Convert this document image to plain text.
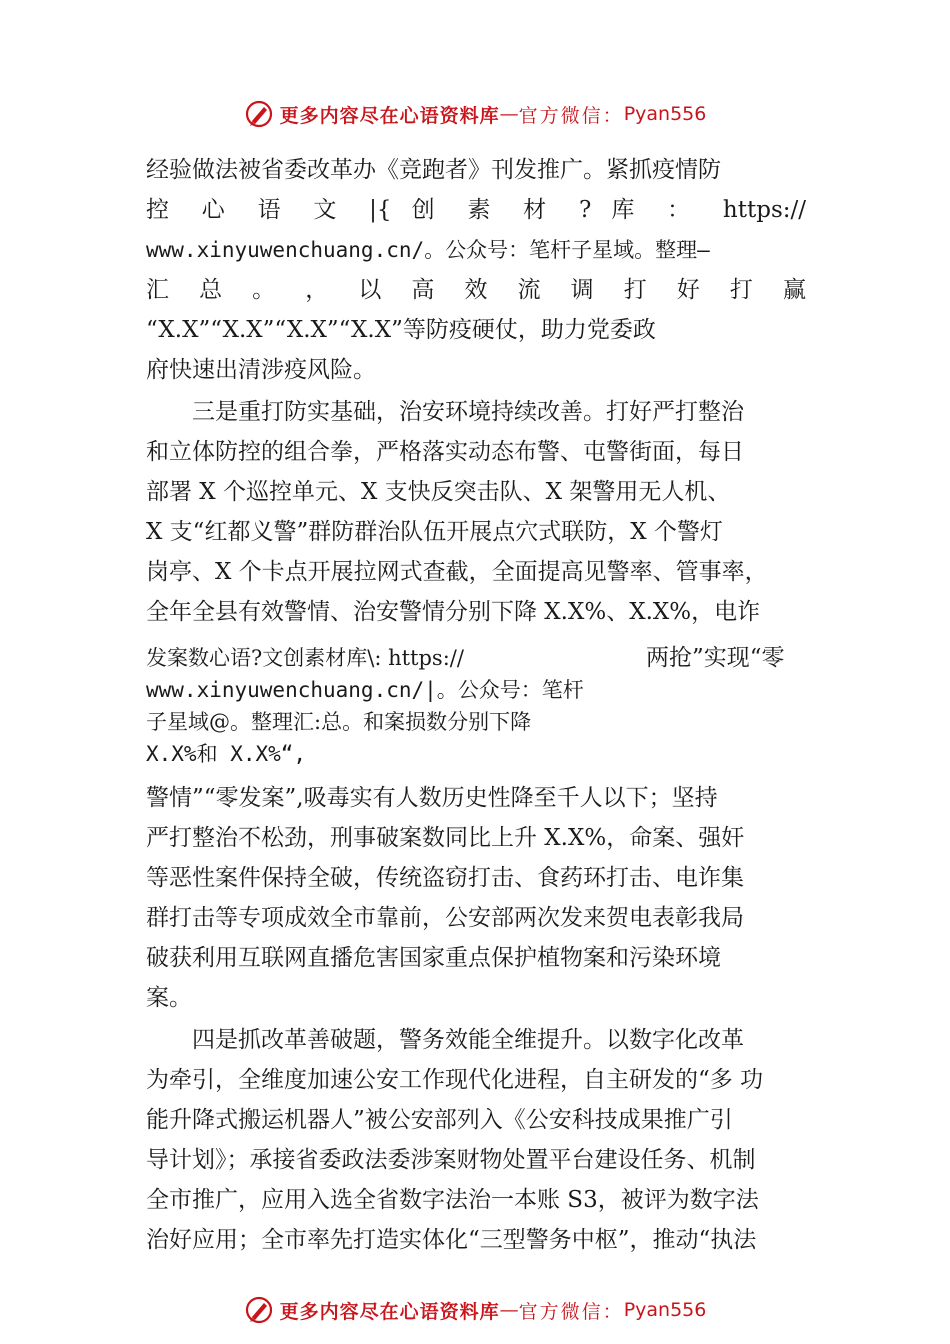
更多内容尽在心语资料库 — 官方微信： Pyan556
经验做法被省委改革办《竞跑者》刊发推广。紧抓疫情防
控 心 语 文 |{ 创 素 材 ? 库 ： https://
www.xinyuwenchuang.cn/。公众号：笔杆子星域。整理—
汇 总 。 ， 以 高 效 流 调 打 好 打 赢
“X.X”“X.X”“X.X”“X.X”等防疫硬仗，助力党委政
府快速出清涉疫风险。
三是重打防实基础，治安环境持续改善。打好严打整治
和立体防控的组合拳，严格落实动态布警、屯警街面，每日
部署 X 个巡控单元、X 支快反突击队、X 架警用无人机、
X 支“红都义警”群防群治队伍开展点穴式联防，X 个警灯
岗亭、X 个卡点开展拉网式查截，全面提高见警率、管事率，
全年全县有效警情、治安警情分别下降 X.X%、X.X%，电诈
发案数心语?文创素材库\: https://	两抢”实现“零
www.xinyuwenchuang.cn/|。公众号：笔杆
子星域@。整理汇:总。和案损数分别下降
X.X%和 X.X%“,
警情”“零发案”,吸毒实有人数历史性降至千人以下；坚持
严打整治不松劲，刑事破案数同比上升 X.X%，命案、强奸
等恶性案件保持全破，传统盗窃打击、食药环打击、电诈集
群打击等专项成效全市靠前，公安部两次发来贺电表彰我局
破获利用互联网直播危害国家重点保护植物案和污染环境
案。
四是抓改革善破题，警务效能全维提升。以数字化改革
为牵引，全维度加速公安工作现代化进程，自主研发的“多 功
能升降式搬运机器人”被公安部列入《公安科技成果推广引
导计划》；承接省委政法委涉案财物处置平台建设任务、机制
全市推广，应用入选全省数字法治一本账 S3，被评为数字法
治好应用；全市率先打造实体化“三型警务中枢”，推动“执法
更多内容尽在心语资料库 — 官方微信： Pyan556
